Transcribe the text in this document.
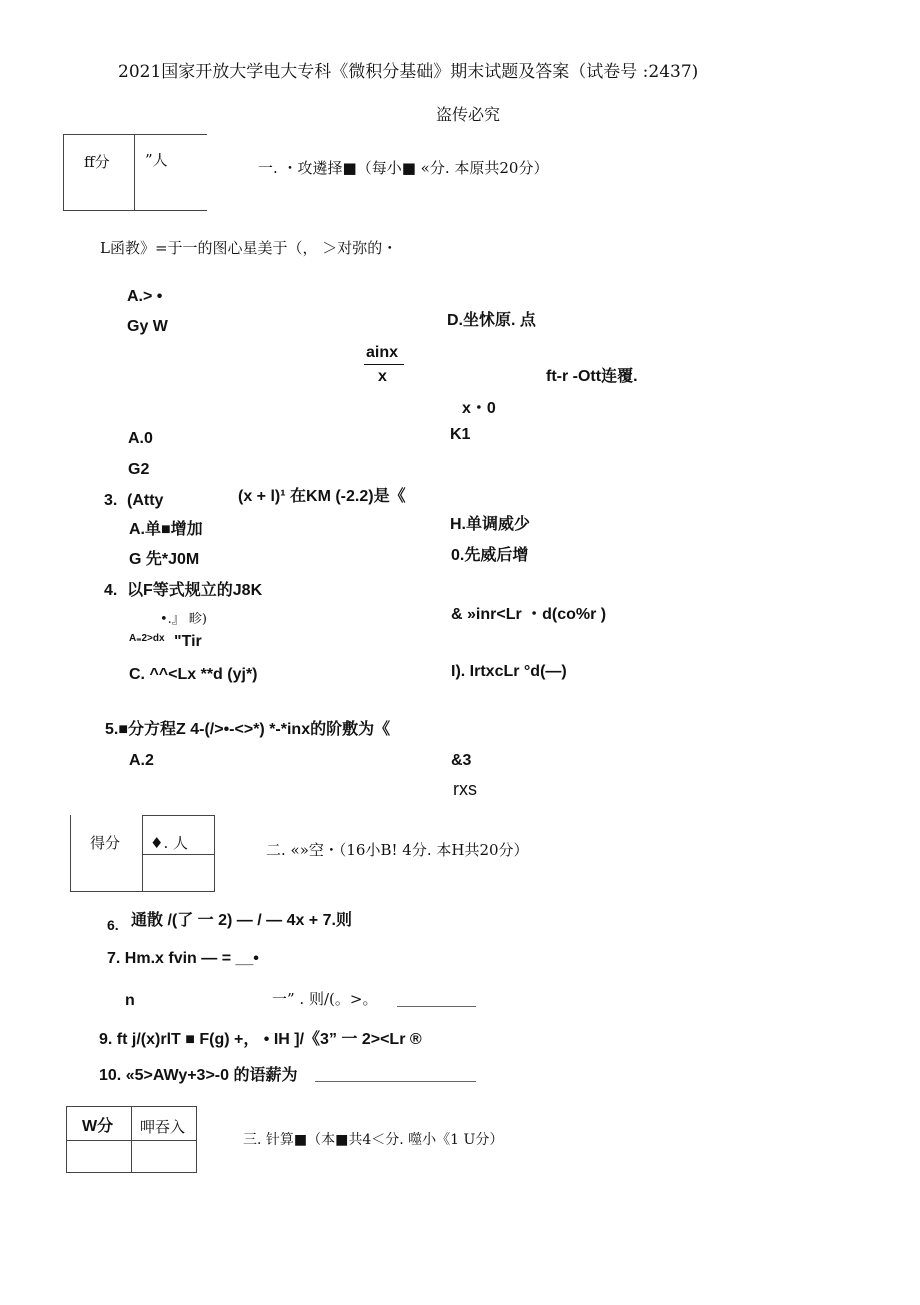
2021国家开放大学电大专科《微积分基础》期末试题及答案（试卷号 :2437)
盗传必究
ff分 ”人	一. ・攻遴择■（每小■ «分. 本原共20分）
L函教》=于一的图心星美于（， ＞对弥的・
A.> •
Gy W	D.坐怵原. 点
ainx
x	ft-r -Ott连覆.
x・0
A.0	K1
G2
3. (Atty	(x + l)¹ 在KM (-2.2)是《
A.单■增加	H.单调威少
G 先*J0M	0.先威后增
4. 以F等式规立的J8K
& »inr<Lr ・d(co%r )
•.』 畛)
A₌2>dx "Tir
C. ^^<Lx **d (yj*)	I). IrtxcLr °d(—)
5.■分方程Z 4-(/>•-<>*) *-*inx的阶敷为《
A.2	&3
rxs
得分 ♦. 人	二. «»空・（16小B! 4分. 本H共20分）
6. 通散 /(了 一 2) — / — 4x + 7.则
7. Hm.x fvin — = __•
n	一” . 则/(。>。
9. ft j/(x)rlT ■ F(g) +， • IH ]/《3” 一 2><Lr ®
10. «5>AWy+3>-0 的语薪为
W分 呷吞入
三. 针算■（本■共4＜分. 噬小《1 U分）
